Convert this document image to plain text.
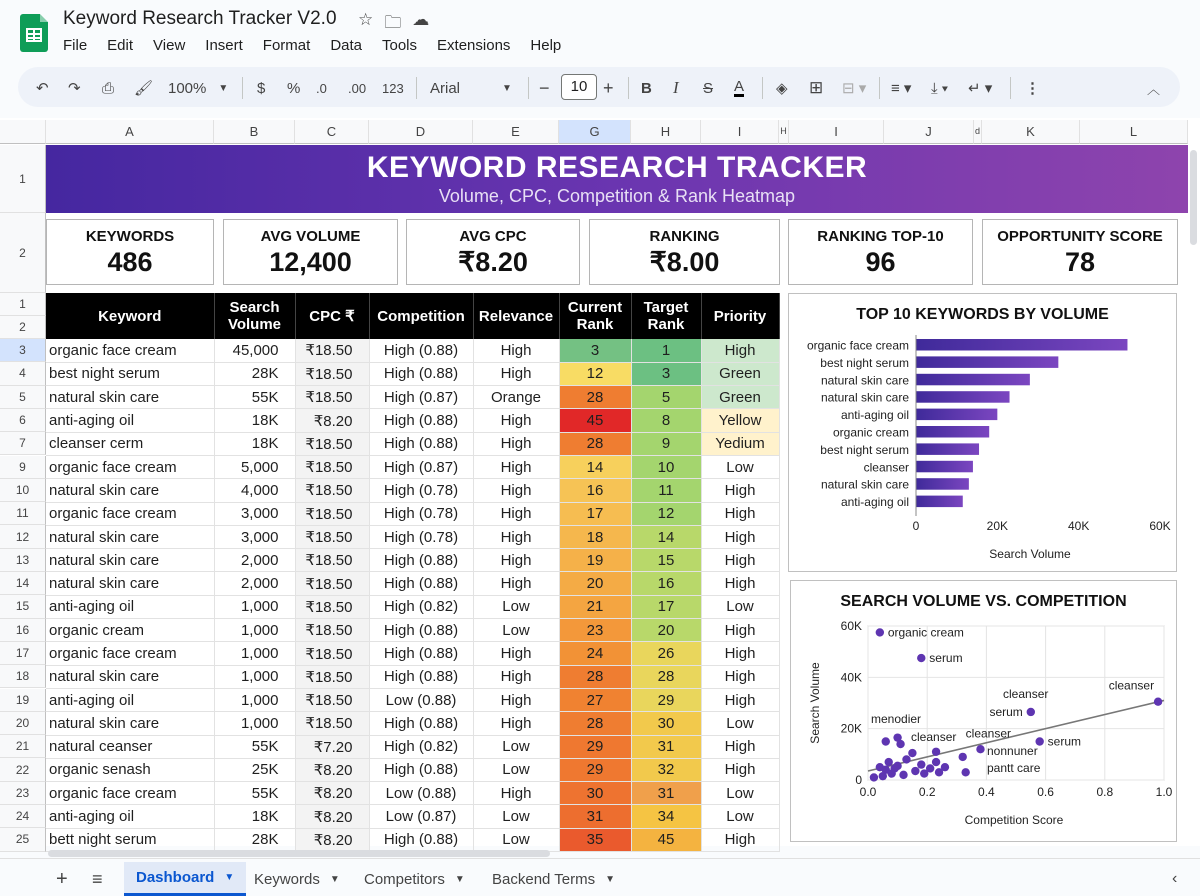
Keyword Research Tracker V2.0 ☆ 🗀 ☁
File Edit View Insert Format Data Tools Extensions Help
↶ ↷ ⎙ 🖌 100% ▼ $ % .0 .00 123 Arial	▼ −	10 + B I S A ◈ ⊞ ⊟ ▾ ≡ ▾ ⤓ ▾ ↵ ▾ ⋮	︿
A	B	C	D	E	G	H	I	H	I	J	d	K	L
1
2
1
2
3
4
5
6
7
9
10
11
12
13
14
15
16
17
18
19
20
21
22
23
24
25
KEYWORD RESEARCH TRACKER
Volume, CPC, Competition & Rank Heatmap
KEYWORDS
486
AVG VOLUME
12,400
AVG CPC
₹8.20
RANKING
₹8.00
RANKING TOP-10
96
OPPORTUNITY SCORE
78
Keyword	Search
Volume	CPC ₹	Competition	Relevance	Current
Rank	Target
Rank	Priority
organic face cream	45,000	₹18.50	High (0.88)	High	3	1	High
best night serum	28K	₹18.50	High (0.88)	High	12	3	Green
natural skin care	55K	₹18.50	High (0.87)	Orange	28	5	Green
anti-aging oil	18K	₹8.20	High (0.88)	High	45	8	Yellow
cleanser cerm	18K	₹18.50	High (0.88)	High	28	9	Yedium
organic face cream	5,000	₹18.50	High (0.87)	High	14	10	Low
natural skin care	4,000	₹18.50	High (0.78)	High	16	11	High
organic face cream	3,000	₹18.50	High (0.78)	High	17	12	High
natural skin care	3,000	₹18.50	High (0.78)	High	18	14	High
natural skin care	2,000	₹18.50	High (0.88)	High	19	15	High
natural skin care	2,000	₹18.50	High (0.88)	High	20	16	High
anti-aging oil	1,000	₹18.50	High (0.82)	Low	21	17	Low
organic cream	1,000	₹18.50	High (0.88)	Low	23	20	High
organic face cream	1,000	₹18.50	High (0.88)	High	24	26	High
natural skin care	1,000	₹18.50	High (0.88)	High	28	28	High
anti-aging oil	1,000	₹18.50	Low (0.88)	High	27	29	High
natural skin care	1,000	₹18.50	High (0.88)	High	28	30	Low
natural ceanser	55K	₹7.20	High (0.82)	Low	29	31	High
organic senash	25K	₹8.20	High (0.88)	Low	29	32	High
organic face cream	55K	₹8.20	Low (0.88)	High	30	31	Low
anti-aging oil	18K	₹8.20	Low (0.87)	Low	31	34	Low
bett night serum	28K	₹8.20	High (0.88)	Low	35	45	High
TOP 10 KEYWORDS BY VOLUME
organic face cream
best night serum
natural skin care
natural skin care
anti-aging oil
organic cream
best night serum
cleanser
natural skin care
anti-aging oil
0	20K	40K	60K
Search Volume
SEARCH VOLUME VS. COMPETITION
0.0	0.2	0.4	0.6	0.8	1.0
0
20K
40K
60K organic cream
serum
serum
cleanser
serum
menodier
cleanser
cleanser
nonnuner
pantt care
cleanser
Competition Score
Search Volume
+	≡	Dashboard ▼ Keywords ▼ Competitors ▼ Backend Terms ▼	‹
